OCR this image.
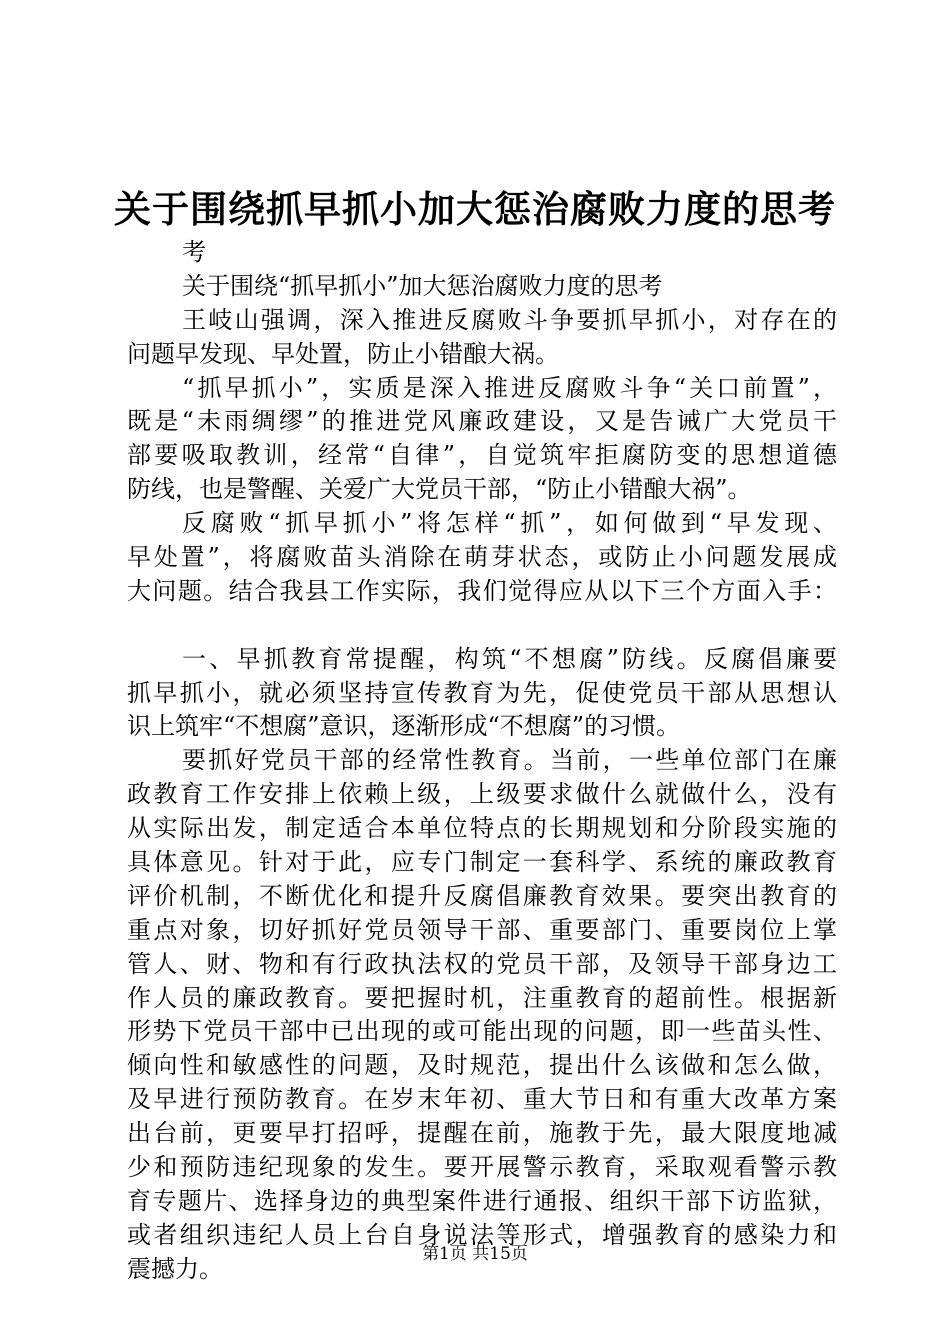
关于围绕抓早抓小加大惩治腐败力度的思考
考
关于围绕“抓早抓小”加大惩治腐败力度的思考
王岐山强调，深入推进反腐败斗争要抓早抓小，对存在的
问题早发现、早处置，防止小错酿大祸。
“抓早抓小”，实质是深入推进反腐败斗争“关口前置”，
既是“未雨绸缪”的推进党风廉政建设，又是告诫广大党员干
部要吸取教训，经常“自律”，自觉筑牢拒腐防变的思想道德
防线，也是警醒、关爱广大党员干部，“防止小错酿大祸”。
反腐败“抓早抓小”将怎样“抓”，如何做到“早发现、
早处置”，将腐败苗头消除在萌芽状态，或防止小问题发展成
大问题。结合我县工作实际，我们觉得应从以下三个方面入手：
一、早抓教育常提醒，构筑“不想腐”防线。反腐倡廉要
抓早抓小，就必须坚持宣传教育为先，促使党员干部从思想认
识上筑牢“不想腐”意识，逐渐形成“不想腐”的习惯。
要抓好党员干部的经常性教育。当前，一些单位部门在廉
政教育工作安排上依赖上级，上级要求做什么就做什么，没有
从实际出发，制定适合本单位特点的长期规划和分阶段实施的
具体意见。针对于此，应专门制定一套科学、系统的廉政教育
评价机制，不断优化和提升反腐倡廉教育效果。要突出教育的
重点对象，切好抓好党员领导干部、重要部门、重要岗位上掌
管人、财、物和有行政执法权的党员干部，及领导干部身边工
作人员的廉政教育。要把握时机，注重教育的超前性。根据新
形势下党员干部中已出现的或可能出现的问题，即一些苗头性、
倾向性和敏感性的问题，及时规范，提出什么该做和怎么做，
及早进行预防教育。在岁末年初、重大节日和有重大改革方案
出台前，更要早打招呼，提醒在前，施教于先，最大限度地减
少和预防违纪现象的发生。要开展警示教育，采取观看警示教
育专题片、选择身边的典型案件进行通报、组织干部下访监狱，
或者组织违纪人员上台自身说法等形式，增强教育的感染力和
震撼力。
第1页 共15页
